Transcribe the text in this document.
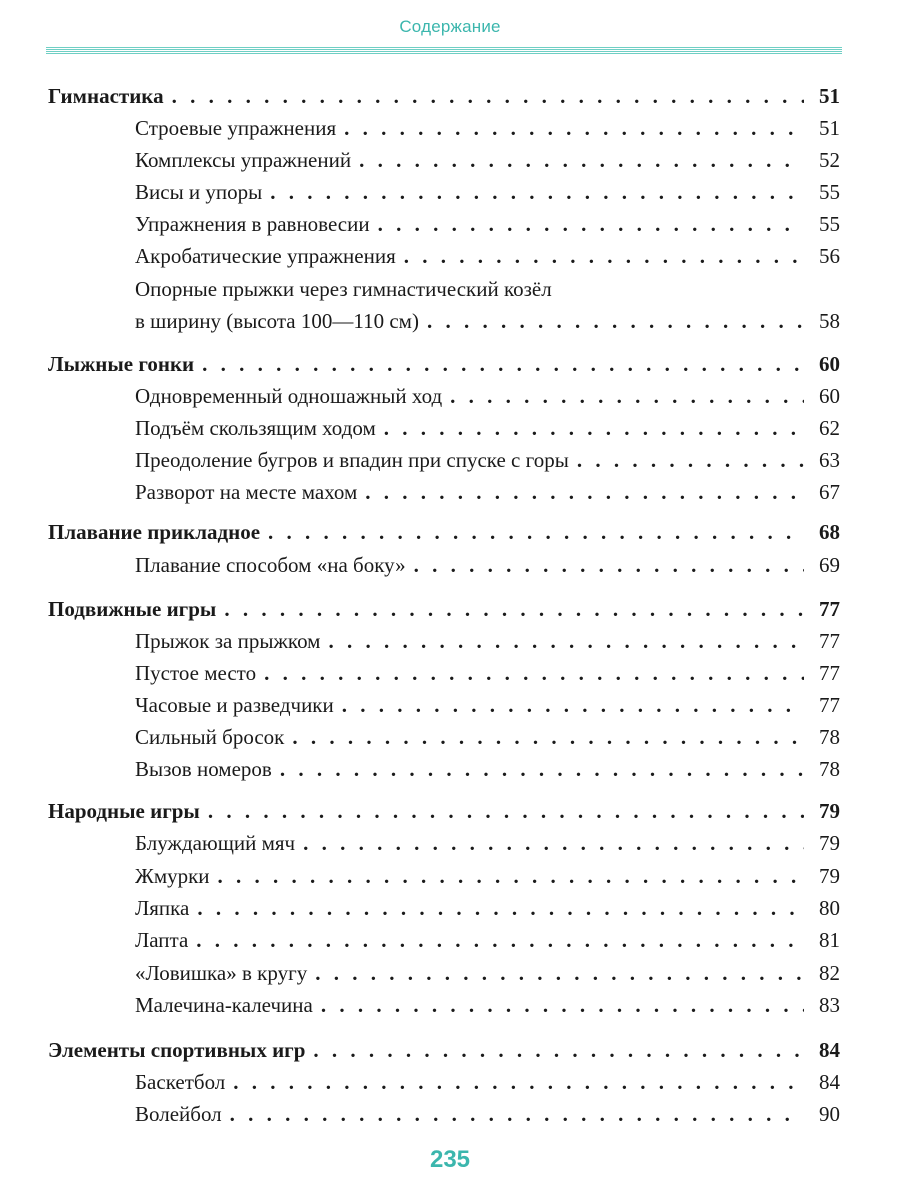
Содержание
Гимнастика . . .	51
Строевые упражнения . . .	51
Комплексы упражнений . . .	52
Висы и упоры . . .	55
Упражнения в равновесии . . .	55
Акробатические упражнения . . .	56
Опорные прыжки через гимнастический козёл
в ширину (высота 100—110 см) . . .	58
Лыжные гонки . . .	60
Одновременный одношажный ход . . .	60
Подъём скользящим ходом . . .	62
Преодоление бугров и впадин при спуске с горы . . .	63
Разворот на месте махом . . .	67
Плавание прикладное . . .	68
Плавание способом «на боку» . . .	69
Подвижные игры . . .	77
Прыжок за прыжком . . .	77
Пустое место . . .	77
Часовые и разведчики . . .	77
Сильный бросок . . .	78
Вызов номеров . . .	78
Народные игры . . .	79
Блуждающий мяч . . .	79
Жмурки . . .	79
Ляпка . . .	80
Лапта . . .	81
«Ловишка» в кругу . . .	82
Малечина-калечина . . .	83
Элементы спортивных игр . . .	84
Баскетбол . . .	84
Волейбол . . .	90
235
